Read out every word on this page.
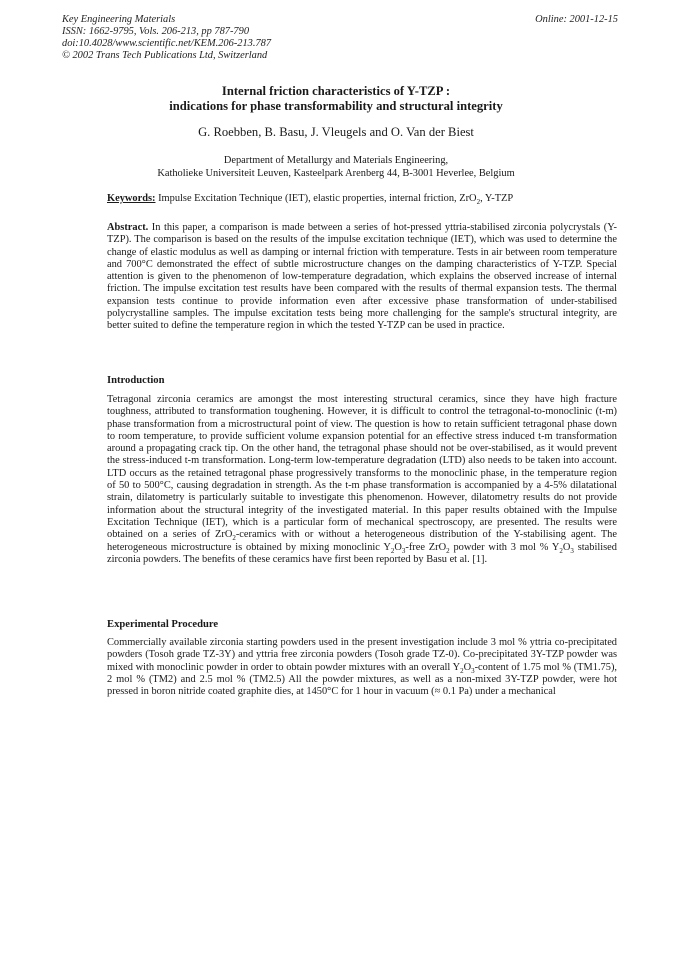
Key Engineering Materials
ISSN: 1662-9795, Vols. 206-213, pp 787-790
doi:10.4028/www.scientific.net/KEM.206-213.787
© 2002 Trans Tech Publications Ltd, Switzerland
Online: 2001-12-15
Internal friction characteristics of Y-TZP :
indications for phase transformability and structural integrity
G. Roebben, B. Basu, J. Vleugels and O. Van der Biest
Department of Metallurgy and Materials Engineering,
Katholieke Universiteit Leuven, Kasteelpark Arenberg 44, B-3001 Heverlee, Belgium
Keywords: Impulse Excitation Technique (IET), elastic properties, internal friction, ZrO$_2$, Y-TZP

Abstract. In this paper, a comparison is made between a series of hot-pressed yttria-stabilised zirconia polycrystals (Y-TZP). The comparison is based on the results of the impulse excitation technique (IET), which was used to determine the change of elastic modulus as well as damping or internal friction with temperature. Tests in air between room temperature and 700°C demonstrated the effect of subtle microstructure changes on the damping characteristics of Y-TZP. Special attention is given to the phenomenon of low-temperature degradation, which explains the observed increase of internal friction. The impulse excitation test results have been compared with the results of thermal expansion tests. The thermal expansion tests continue to provide information even after excessive phase transformation of under-stabilised polycrystalline samples. The impulse excitation tests being more challenging for the sample's structural integrity, are better suited to define the temperature region in which the tested Y-TZP can be used in practice.

Introduction

Tetragonal zirconia ceramics are amongst the most interesting structural ceramics, since they have high fracture toughness, attributed to transformation toughening. However, it is difficult to control the tetragonal-to-monoclinic (t-m) phase transformation from a microstructural point of view. The question is how to retain sufficient tetragonal phase down to room temperature, to provide sufficient volume expansion potential for an effective stress induced t-m transformation around a propagating crack tip. On the other hand, the tetragonal phase should not be over-stabilised, as it would prevent the stress-induced t-m transformation. Long-term low-temperature degradation (LTD) also needs to be taken into account. LTD occurs as the retained tetragonal phase progressively transforms to the monoclinic phase, in the temperature region of 50 to 500°C, causing degradation in strength. As the t-m phase transformation is accompanied by a 4-5% dilatational strain, dilatometry is particularly suitable to investigate this phenomenon. However, dilatometry results do not provide information about the structural integrity of the investigated material. In this paper results obtained with the Impulse Excitation Technique (IET), which is a particular form of mechanical spectroscopy, are presented. The results were obtained on a series of ZrO$_2$-ceramics with or without a heterogeneous distribution of the Y-stabilising agent. The heterogeneous microstructure is obtained by mixing monoclinic $Y_2O_3$-free ZrO$_2$ powder with 3 mol % $Y_2O_3$ stabilised zirconia powders. The benefits of these ceramics have first been reported by Basu et al. [1].

Experimental Procedure

Commercially available zirconia starting powders used in the present investigation include 3 mol % yttria co-precipitated powders (Tosoh grade TZ-3Y) and yttria free zirconia powders (Tosoh grade TZ-0). Co-precipitated 3Y-TZP powder was mixed with monoclinic powder in order to obtain powder mixtures with an overall $Y_2O_3$-content of 1.75 mol % (TM1.75), 2 mol % (TM2) and 2.5 mol % (TM2.5) All the powder mixtures, as well as a non-mixed 3Y-TZP powder, were hot pressed in boron nitride coated graphite dies, at 1450°C for 1 hour in vacuum (≈ 0.1 Pa) under a mechanical
